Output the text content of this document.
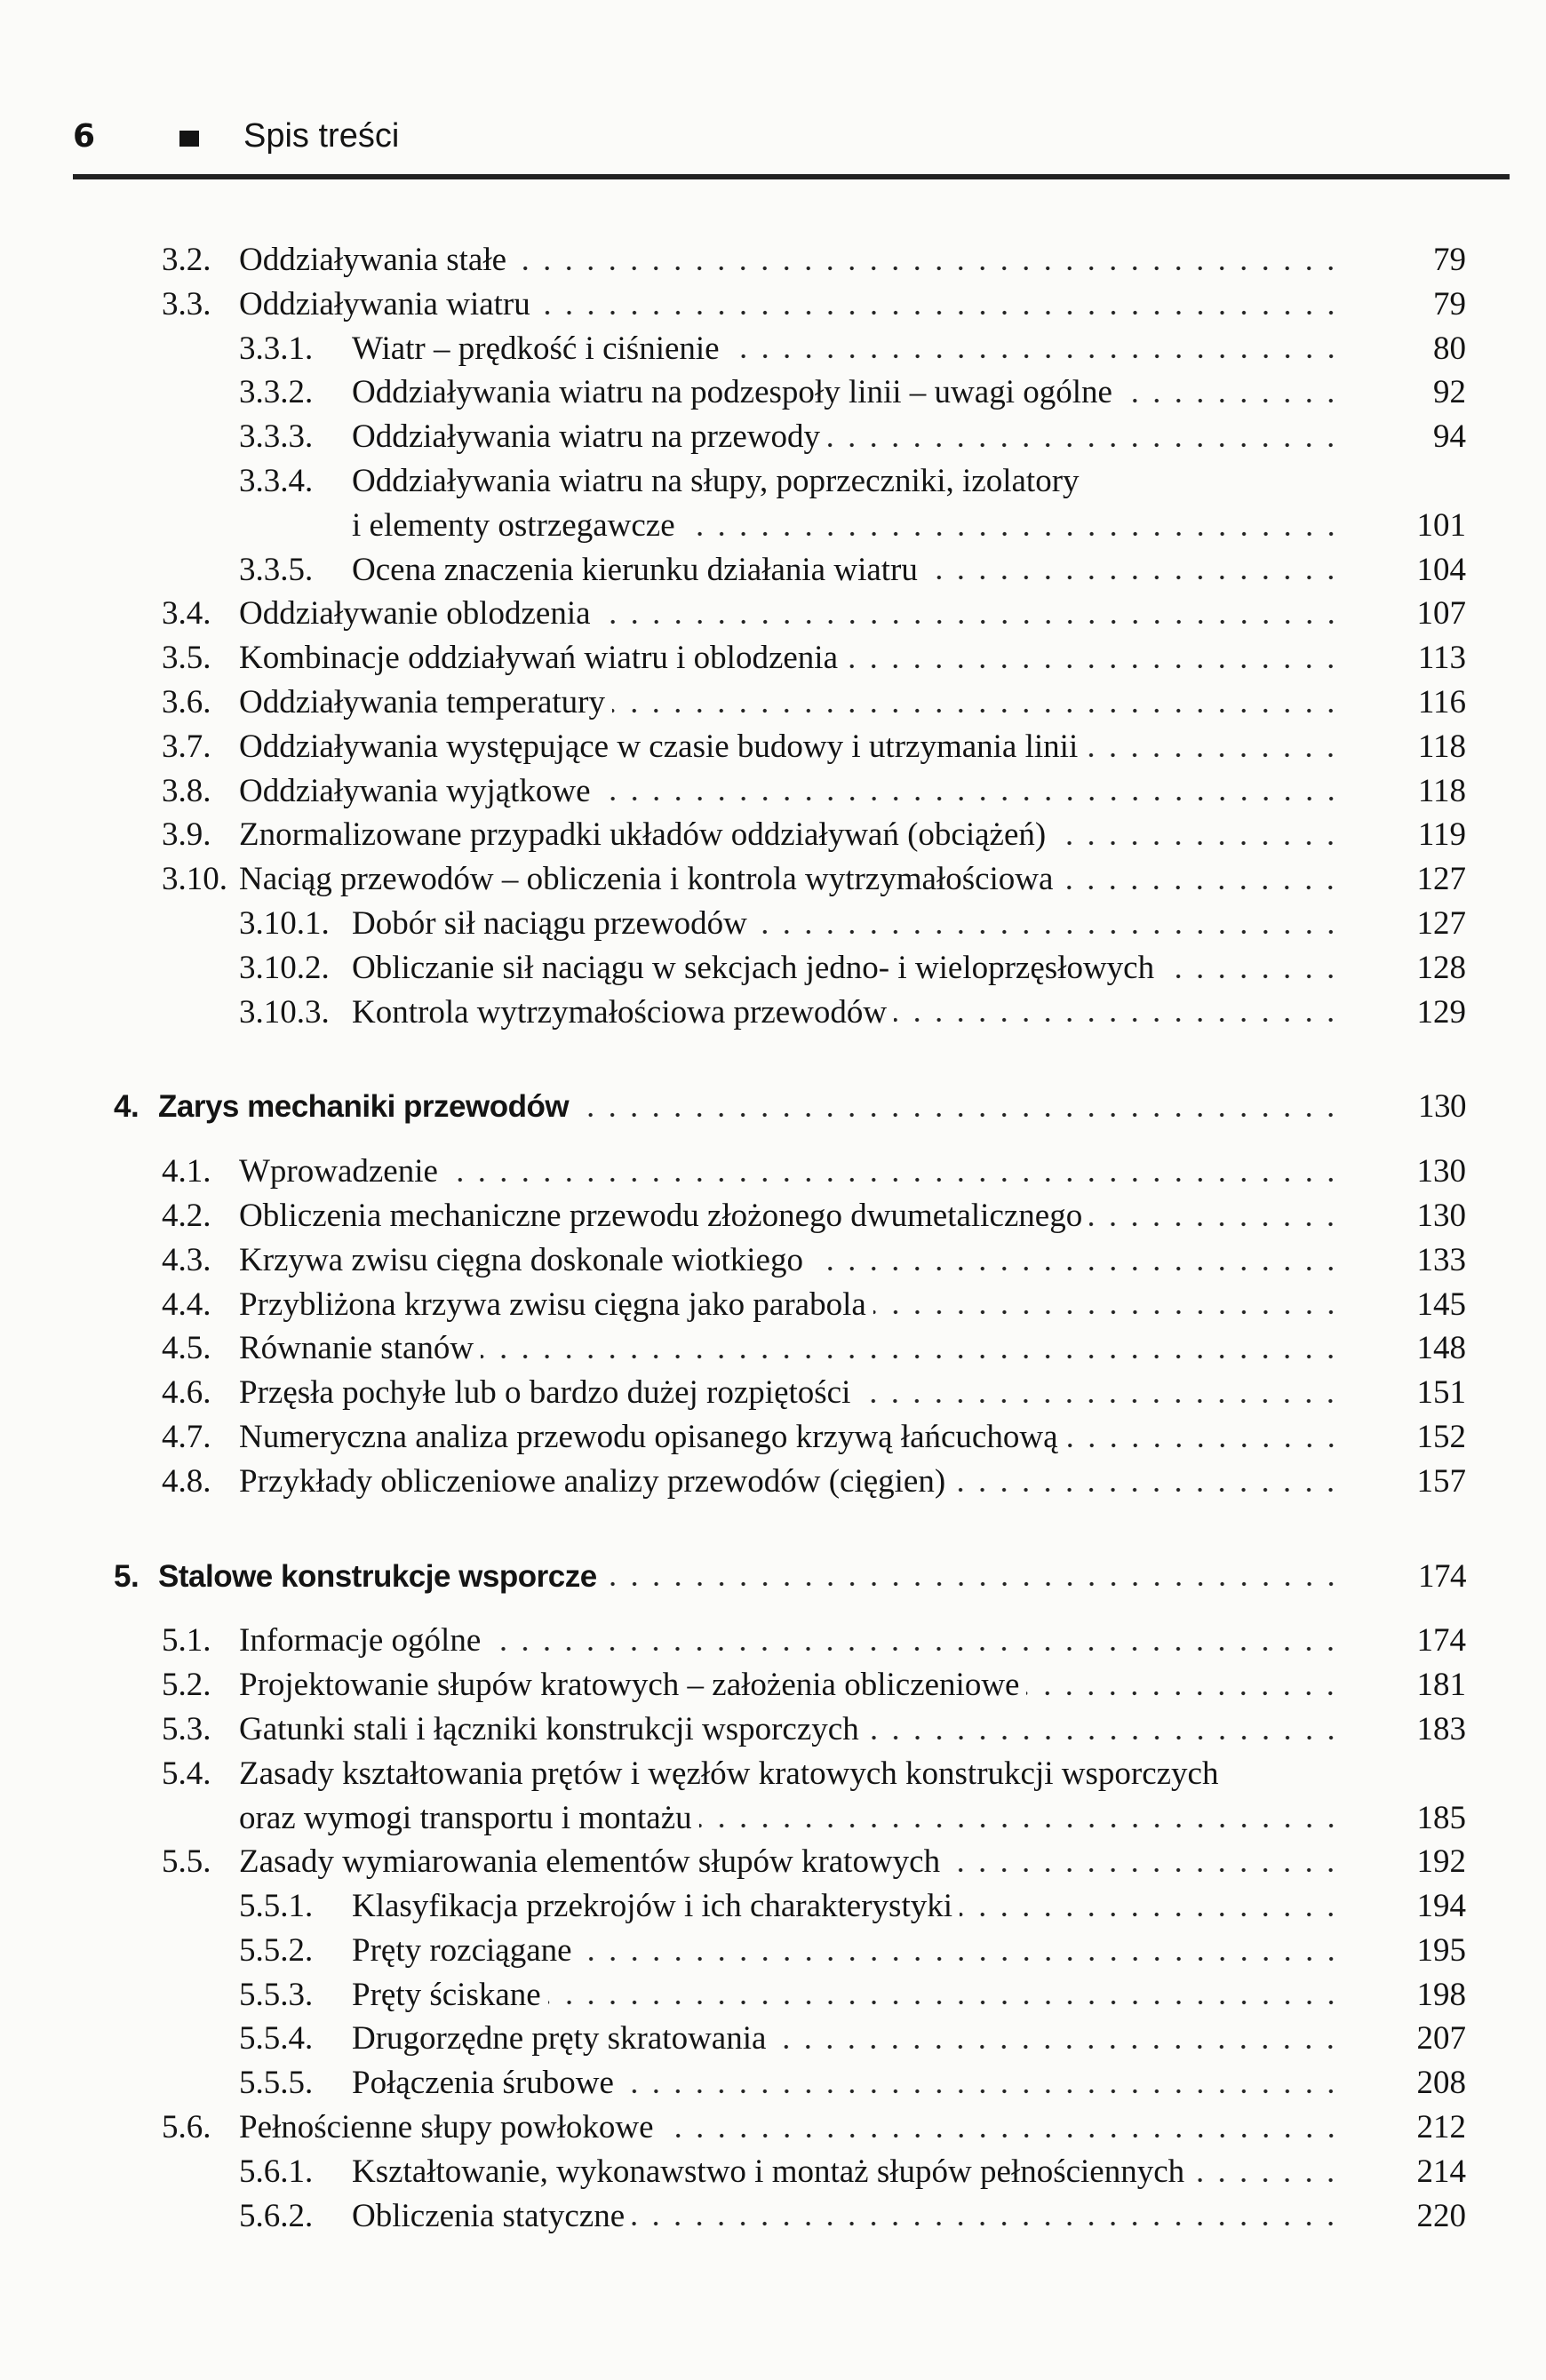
6	Spis treści
3.2. Oddziaływania stałe	79
3.3. Oddziaływania wiatru	79
3.3.1. Wiatr – prędkość i ciśnienie	80
3.3.2. Oddziaływania wiatru na podzespoły linii – uwagi ogólne	92
3.3.3. Oddziaływania wiatru na przewody	94
3.3.4. Oddziaływania wiatru na słupy, poprzeczniki, izolatory
i elementy ostrzegawcze	101
3.3.5. Ocena znaczenia kierunku działania wiatru	104
3.4. Oddziaływanie oblodzenia	107
3.5. Kombinacje oddziaływań wiatru i oblodzenia	113
3.6. Oddziaływania temperatury	116
3.7. Oddziaływania występujące w czasie budowy i utrzymania linii	118
3.8. Oddziaływania wyjątkowe	118
3.9. Znormalizowane przypadki układów oddziaływań (obciążeń)	119
3.10. Naciąg przewodów – obliczenia i kontrola wytrzymałościowa	127
3.10.1. Dobór sił naciągu przewodów	127
3.10.2. Obliczanie sił naciągu w sekcjach jedno- i wieloprzęsłowych	128
3.10.3. Kontrola wytrzymałościowa przewodów	129
4. Zarys mechaniki przewodów	130
4.1. Wprowadzenie	130
4.2. Obliczenia mechaniczne przewodu złożonego dwumetalicznego	130
4.3. Krzywa zwisu cięgna doskonale wiotkiego	133
4.4. Przybliżona krzywa zwisu cięgna jako parabola	145
4.5. Równanie stanów	148
4.6. Przęsła pochyłe lub o bardzo dużej rozpiętości	151
4.7. Numeryczna analiza przewodu opisanego krzywą łańcuchową	152
4.8. Przykłady obliczeniowe analizy przewodów (cięgien)	157
5. Stalowe konstrukcje wsporcze	174
5.1. Informacje ogólne	174
5.2. Projektowanie słupów kratowych – założenia obliczeniowe	181
5.3. Gatunki stali i łączniki konstrukcji wsporczych	183
5.4. Zasady kształtowania prętów i węzłów kratowych konstrukcji wsporczych
oraz wymogi transportu i montażu	185
5.5. Zasady wymiarowania elementów słupów kratowych	192
5.5.1. Klasyfikacja przekrojów i ich charakterystyki	194
5.5.2. Pręty rozciągane	195
5.5.3. Pręty ściskane	198
5.5.4. Drugorzędne pręty skratowania	207
5.5.5. Połączenia śrubowe	208
5.6. Pełnościenne słupy powłokowe	212
5.6.1. Kształtowanie, wykonawstwo i montaż słupów pełnościennych	214
5.6.2. Obliczenia statyczne	220
